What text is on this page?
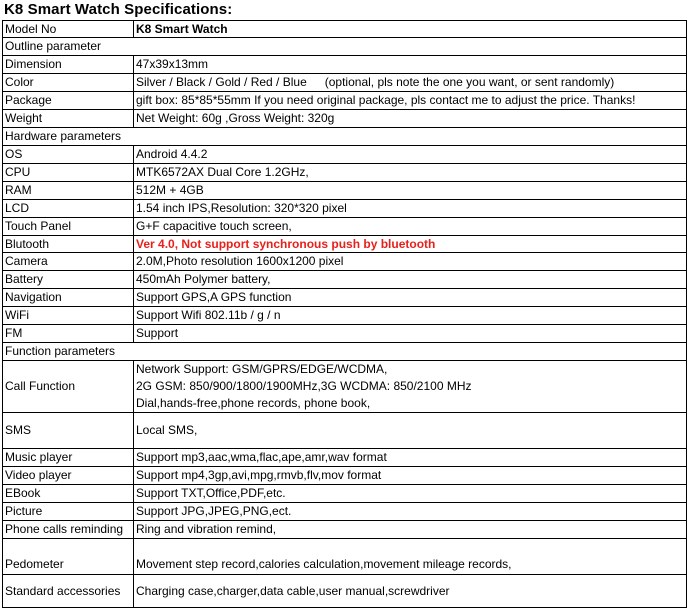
K8 Smart Watch Specifications:
Model No	K8 Smart Watch
Outline parameter	
Dimension	47x39x13mm
Color	Silver / Black / Gold / Red / Blue (optional, pls note the one you want, or sent randomly)
Package	gift box: 85*85*55mm If you need original package, pls contact me to adjust the price. Thanks!
Weight	Net Weight: 60g ,Gross Weight: 320g
Hardware parameters	
OS	Android 4.4.2
CPU	MTK6572AX Dual Core 1.2GHz,
RAM	512M + 4GB
LCD	1.54 inch IPS,Resolution: 320*320 pixel
Touch Panel	G+F capacitive touch screen,
Blutooth	Ver 4.0, Not support synchronous push by bluetooth
Camera	2.0M,Photo resolution 1600x1200 pixel
Battery	450mAh Polymer battery,
Navigation	Support GPS,A GPS function
WiFi	Support Wifi 802.11b / g / n
FM	Support
Function parameters	
Call Function	Network Support: GSM/GPRS/EDGE/WCDMA,
2G GSM: 850/900/1800/1900MHz,3G WCDMA: 850/2100 MHz
Dial,hands-free,phone records, phone book,

SMS	Local SMS,
Music player	Support mp3,aac,wma,flac,ape,amr,wav format
Video player	Support mp4,3gp,avi,mpg,rmvb,flv,mov format
EBook	Support TXT,Office,PDF,etc.
Picture	Support JPG,JPEG,PNG,ect.
Phone calls reminding	Ring and vibration remind,
Pedometer	Movement step record,calories calculation,movement mileage records,
Standard accessories	Charging case,charger,data cable,user manual,screwdriver
